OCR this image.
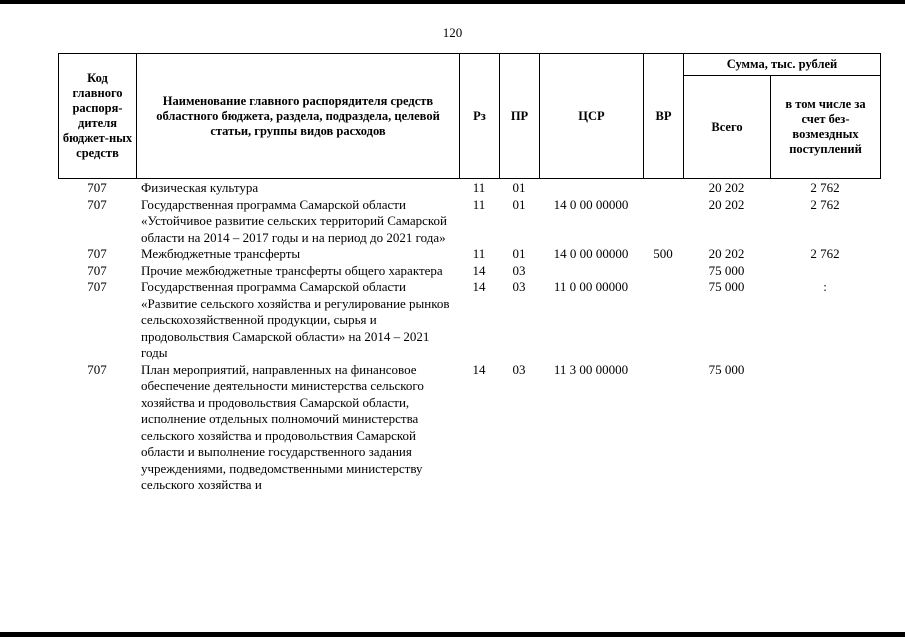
120
Код главного распоря-дителя бюджет-ных средств	Наименование главного распорядителя средств областного бюджета, раздела, подраздела, целевой статьи, группы видов расходов	Рз	ПР	ЦСР	ВР	Сумма, тыс. рублей	
						Всего	в том числе за счет без-возмездных поступлений
707	Физическая культура	11	01			20 202	2 762
707	Государственная программа Самарской области «Устойчивое развитие сельских территорий Самарской области на 2014 – 2017 годы и на период до 2021 года»	11	01	14 0 00 00000		20 202	2 762
707	Межбюджетные трансферты	11	01	14 0 00 00000	500	20 202	2 762
707	Прочие межбюджетные трансферты общего характера	14	03			75 000	
707	Государственная программа Самарской области «Развитие сельского хозяйства и регулирование рынков сельскохозяйственной продукции, сырья и продовольствия Самарской области» на 2014 – 2021 годы	14	03	11 0 00 00000		75 000	:
707	План мероприятий, направленных на финансовое обеспечение деятельности министерства сельского хозяйства и продовольствия Самарской области, исполнение отдельных полномочий министерства сельского хозяйства и продовольствия Самарской области и выполнение государственного задания учреждениями, подведомственными министерству сельского хозяйства и	14	03	11 3 00 00000		75 000	
